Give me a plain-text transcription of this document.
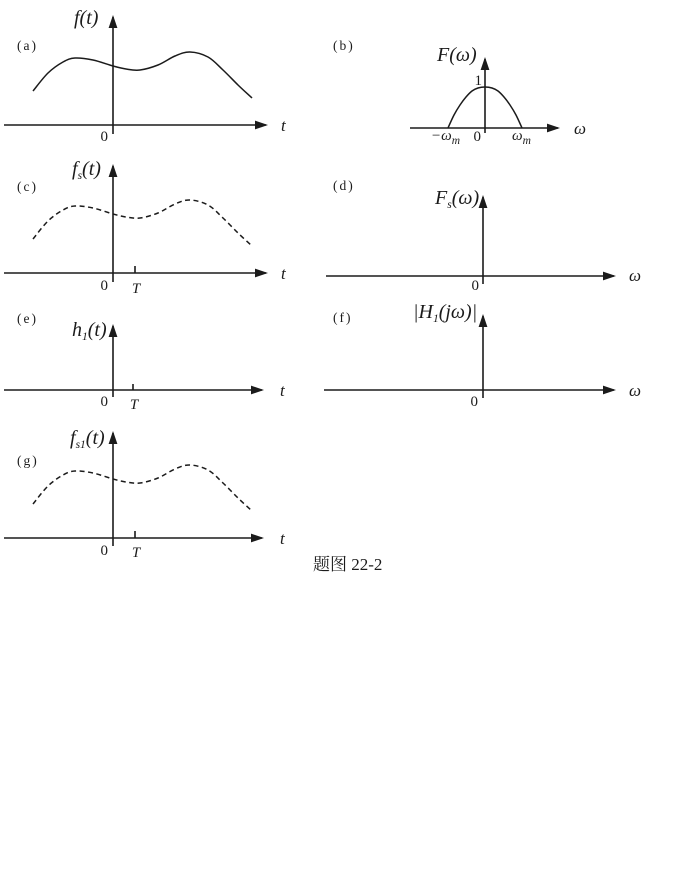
(a)
f(t)
t
0
(b)	F(ω)
ω
0
1
$-\omega_m$	$\omega_m$
(c)
$f_s(t)$
t
0 T
(d)
$F_s(\omega)$
ω
0
(e)
$h_1(t)$
t
0 T
(f)	$|H_1(j\omega)|$
ω
0
(g)
$f_{s1}(t)$
t
0 T
题图 22-2
